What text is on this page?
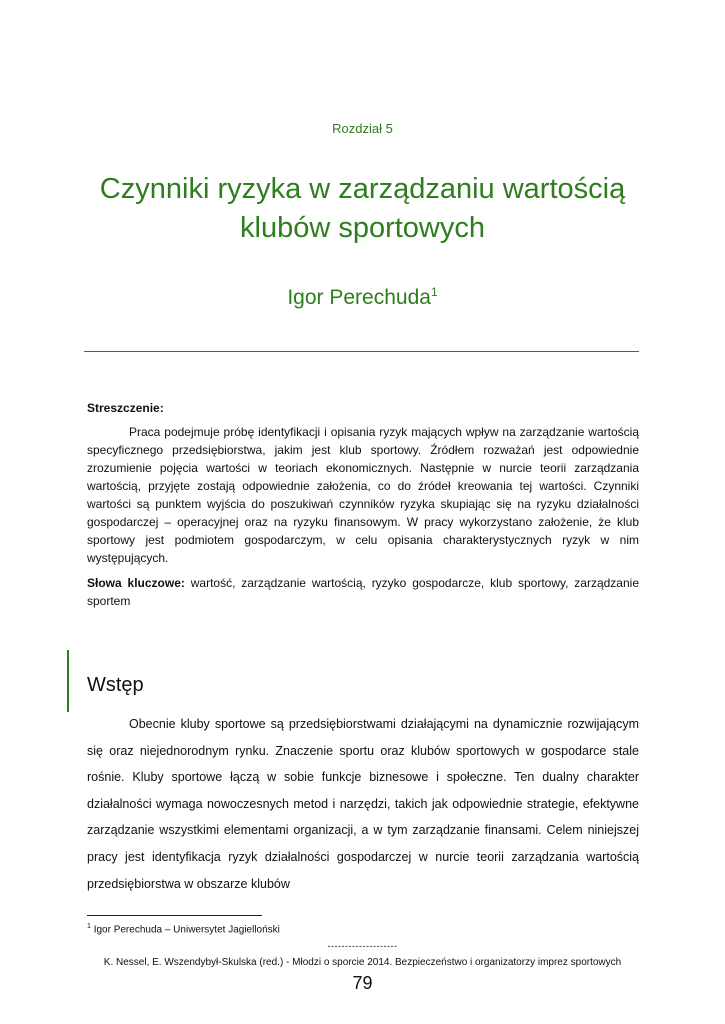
Rozdział 5
Czynniki ryzyka w zarządzaniu wartością
klubów sportowych
Igor Perechuda$^1$
Streszczenie:

Praca podejmuje próbę identyfikacji i opisania ryzyk mających wpływ na zarządzanie wartością specyficznego przedsiębiorstwa, jakim jest klub sportowy. Źródłem rozważań jest odpowiednie zrozumienie pojęcia wartości w teoriach ekonomicznych. Następnie w nurcie teorii zarządzania wartością, przyjęte zostają odpowiednie założenia, co do źródeł kreowania tej wartości. Czynniki wartości są punktem wyjścia do poszukiwań czynników ryzyka skupiając się na ryzyku działalności gospodarczej – operacyjnej oraz na ryzyku finansowym. W pracy wykorzystano założenie, że klub sportowy jest podmiotem gospodarczym, w celu opisania charakterystycznych ryzyk w nim występujących.

Słowa kluczowe: wartość, zarządzanie wartością, ryzyko gospodarcze, klub sportowy, zarządzanie sportem

Wstęp

Obecnie kluby sportowe są przedsiębiorstwami działającymi na dynamicznie rozwijającym się oraz niejednorodnym rynku. Znaczenie sportu oraz klubów sportowych w gospodarce stale rośnie. Kluby sportowe łączą w sobie funkcje biznesowe i społeczne. Ten dualny charakter działalności wymaga nowoczesnych metod i narzędzi, takich jak odpowiednie strategie, efektywne zarządzanie wszystkimi elementami organizacji, a w tym zarządzanie finansami. Celem niniejszej pracy jest identyfikacja ryzyk działalności gospodarczej w nurcie teorii zarządzania wartością przedsiębiorstwa w obszarze klubów

$^1$ Igor Perechuda – Uniwersytet Jagielloński
--------------------
K. Nessel, E. Wszendybył-Skulska (red.) - Młodzi o sporcie 2014. Bezpieczeństwo i organizatorzy imprez sportowych
79
